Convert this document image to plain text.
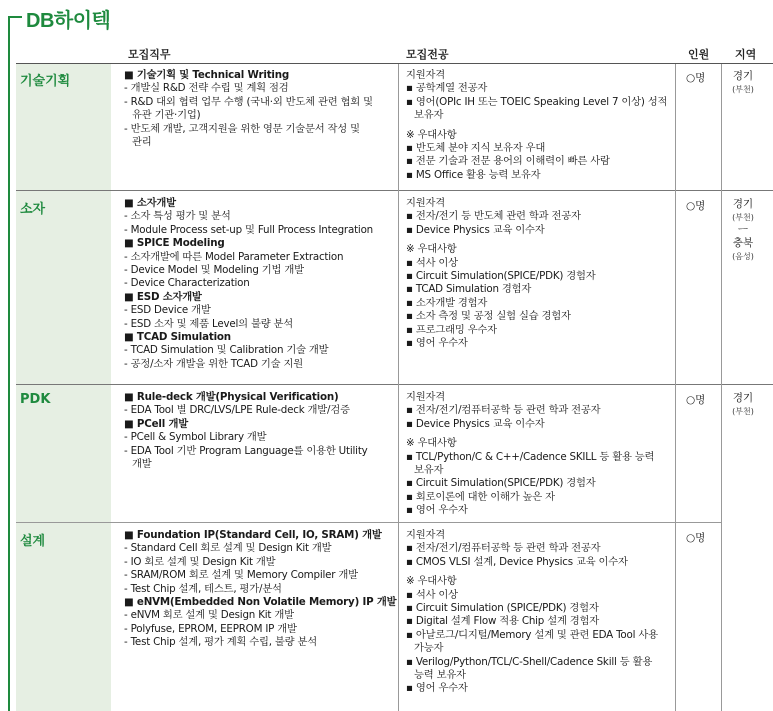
DB하이텍
모집직무	모집전공	인원 지역
기술기획
소자
PDK
설계
■ 기술기획 및 Technical Writing
- 개발실 R&D 전략 수립 및 계획 점검
- R&D 대외 협력 업무 수행 (국내·외 반도체 관련 협회 및
유관 기관·기업)
- 반도체 개발, 고객지원을 위한 영문 기술문서 작성 및
관리
지원자격
▪ 공학계열 전공자
▪ 영어(OPIc IH 또는 TOEIC Speaking Level 7 이상) 성적
보유자
※ 우대사항
▪ 반도체 분야 지식 보유자 우대
▪ 전문 기술과 전문 용어의 이해력이 빠른 사람
▪ MS Office 활용 능력 보유자
■ 소자개발
- 소자 특성 평가 및 분석
- Module Process set-up 및 Full Process Integration
■ SPICE Modeling
- 소자개발에 따른 Model Parameter Extraction
- Device Model 및 Modeling 기법 개발
- Device Characterization
■ ESD 소자개발
- ESD Device 개발
- ESD 소자 및 제품 Level의 불량 분석
■ TCAD Simulation
- TCAD Simulation 및 Calibration 기술 개발
- 공정/소자 개발을 위한 TCAD 기술 지원
지원자격
▪ 전자/전기 등 반도체 관련 학과 전공자
▪ Device Physics 교육 이수자
※ 우대사항
▪ 석사 이상
▪ Circuit Simulation(SPICE/PDK) 경험자
▪ TCAD Simulation 경험자
▪ 소자개발 경험자
▪ 소자 측정 및 공정 실험 실습 경험자
▪ 프로그래밍 우수자
▪ 영어 우수자
■ Rule-deck 개발(Physical Verification)
- EDA Tool 별 DRC/LVS/LPE Rule-deck 개발/검증
■ PCell 개발
- PCell & Symbol Library 개발
- EDA Tool 기반 Program Language를 이용한 Utility
개발
지원자격
▪ 전자/전기/컴퓨터공학 등 관련 학과 전공자
▪ Device Physics 교육 이수자
※ 우대사항
▪ TCL/Python/C & C++/Cadence SKILL 등 활용 능력
보유자
▪ Circuit Simulation(SPICE/PDK) 경험자
▪ 회로이론에 대한 이해가 높은 자
▪ 영어 우수자
■ Foundation IP(Standard Cell, IO, SRAM) 개발
- Standard Cell 회로 설계 및 Design Kit 개발
- IO 회로 설계 및 Design Kit 개발
- SRAM/ROM 회로 설계 및 Memory Compiler 개발
- Test Chip 설계, 테스트, 평가/분석
■ eNVM(Embedded Non Volatile Memory) IP 개발
- eNVM 회로 설계 및 Design Kit 개발
- Polyfuse, EPROM, EEPROM IP 개발
- Test Chip 설계, 평가 계획 수립, 불량 분석
지원자격
▪ 전자/전기/컴퓨터공학 등 관련 학과 전공자
▪ CMOS VLSI 설계, Device Physics 교육 이수자
※ 우대사항
▪ 석사 이상
▪ Circuit Simulation (SPICE/PDK) 경험자
▪ Digital 설계 Flow 적용 Chip 설계 경험자
▪ 아날로그/디지털/Memory 설계 및 관련 EDA Tool 사용
가능자
▪ Verilog/Python/TCL/C-Shell/Cadence Skill 등 활용
능력 보유자
▪ 영어 우수자
○명
○명
○명
○명
경기
(부천)
경기
(부천)
ㅡ
충북
(음성)
경기
(부천)
